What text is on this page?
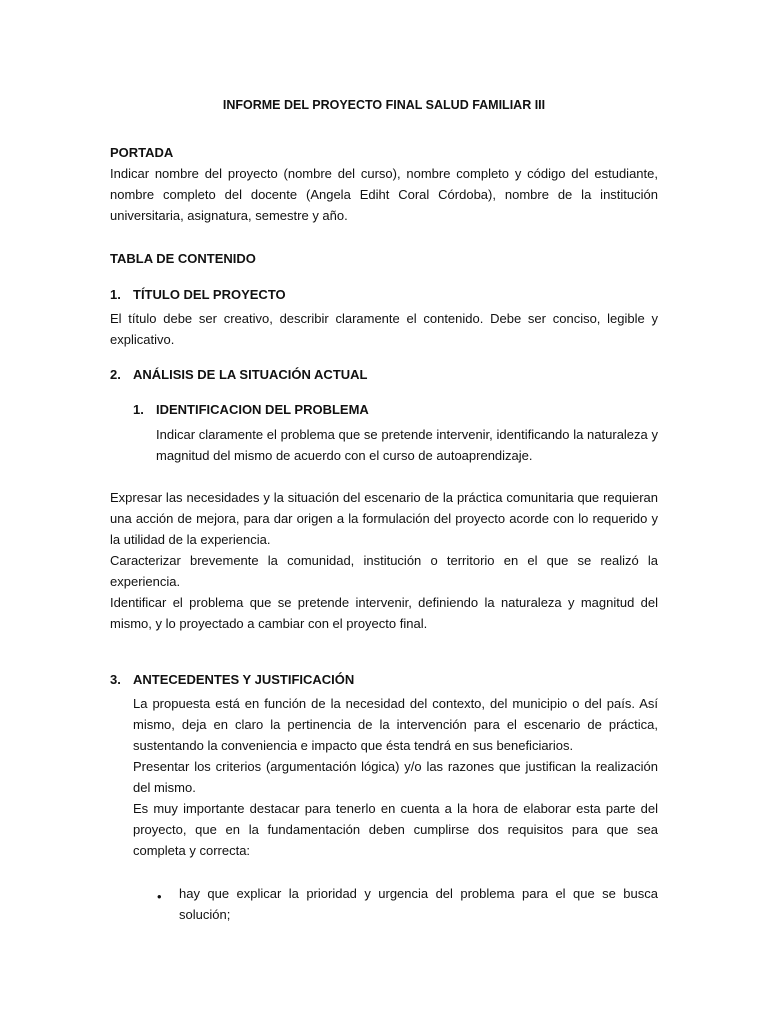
INFORME DEL PROYECTO FINAL SALUD FAMILIAR III
PORTADA

Indicar nombre del proyecto (nombre del curso), nombre completo y código del estudiante, nombre completo del docente (Angela Ediht Coral Córdoba), nombre de la institución universitaria, asignatura, semestre y año.

TABLA DE CONTENIDO
1. TÍTULO DEL PROYECTO

El título debe ser creativo, describir claramente el contenido. Debe ser conciso, legible y explicativo.

2. ANÁLISIS DE LA SITUACIÓN ACTUAL
1. IDENTIFICACION DEL PROBLEMA

Indicar claramente el problema que se pretende intervenir, identificando la naturaleza y magnitud del mismo de acuerdo con el curso de autoaprendizaje.

Expresar las necesidades y la situación del escenario de la práctica comunitaria que requieran una acción de mejora, para dar origen a la formulación del proyecto acorde con lo requerido y la utilidad de la experiencia.

Caracterizar brevemente la comunidad, institución o territorio en el que se realizó la experiencia.

Identificar el problema que se pretende intervenir, definiendo la naturaleza y magnitud del mismo, y lo proyectado a cambiar con el proyecto final.

3. ANTECEDENTES Y JUSTIFICACIÓN

La propuesta está en función de la necesidad del contexto, del municipio o del país. Así mismo, deja en claro la pertinencia de la intervención para el escenario de práctica, sustentando la conveniencia e impacto que ésta tendrá en sus beneficiarios.

Presentar los criterios (argumentación lógica) y/o las razones que justifican la realización del mismo.

Es muy importante destacar para tenerlo en cuenta a la hora de elaborar esta parte del proyecto, que en la fundamentación deben cumplirse dos requisitos para que sea completa y correcta:

• hay que explicar la prioridad y urgencia del problema para el que se busca solución;
